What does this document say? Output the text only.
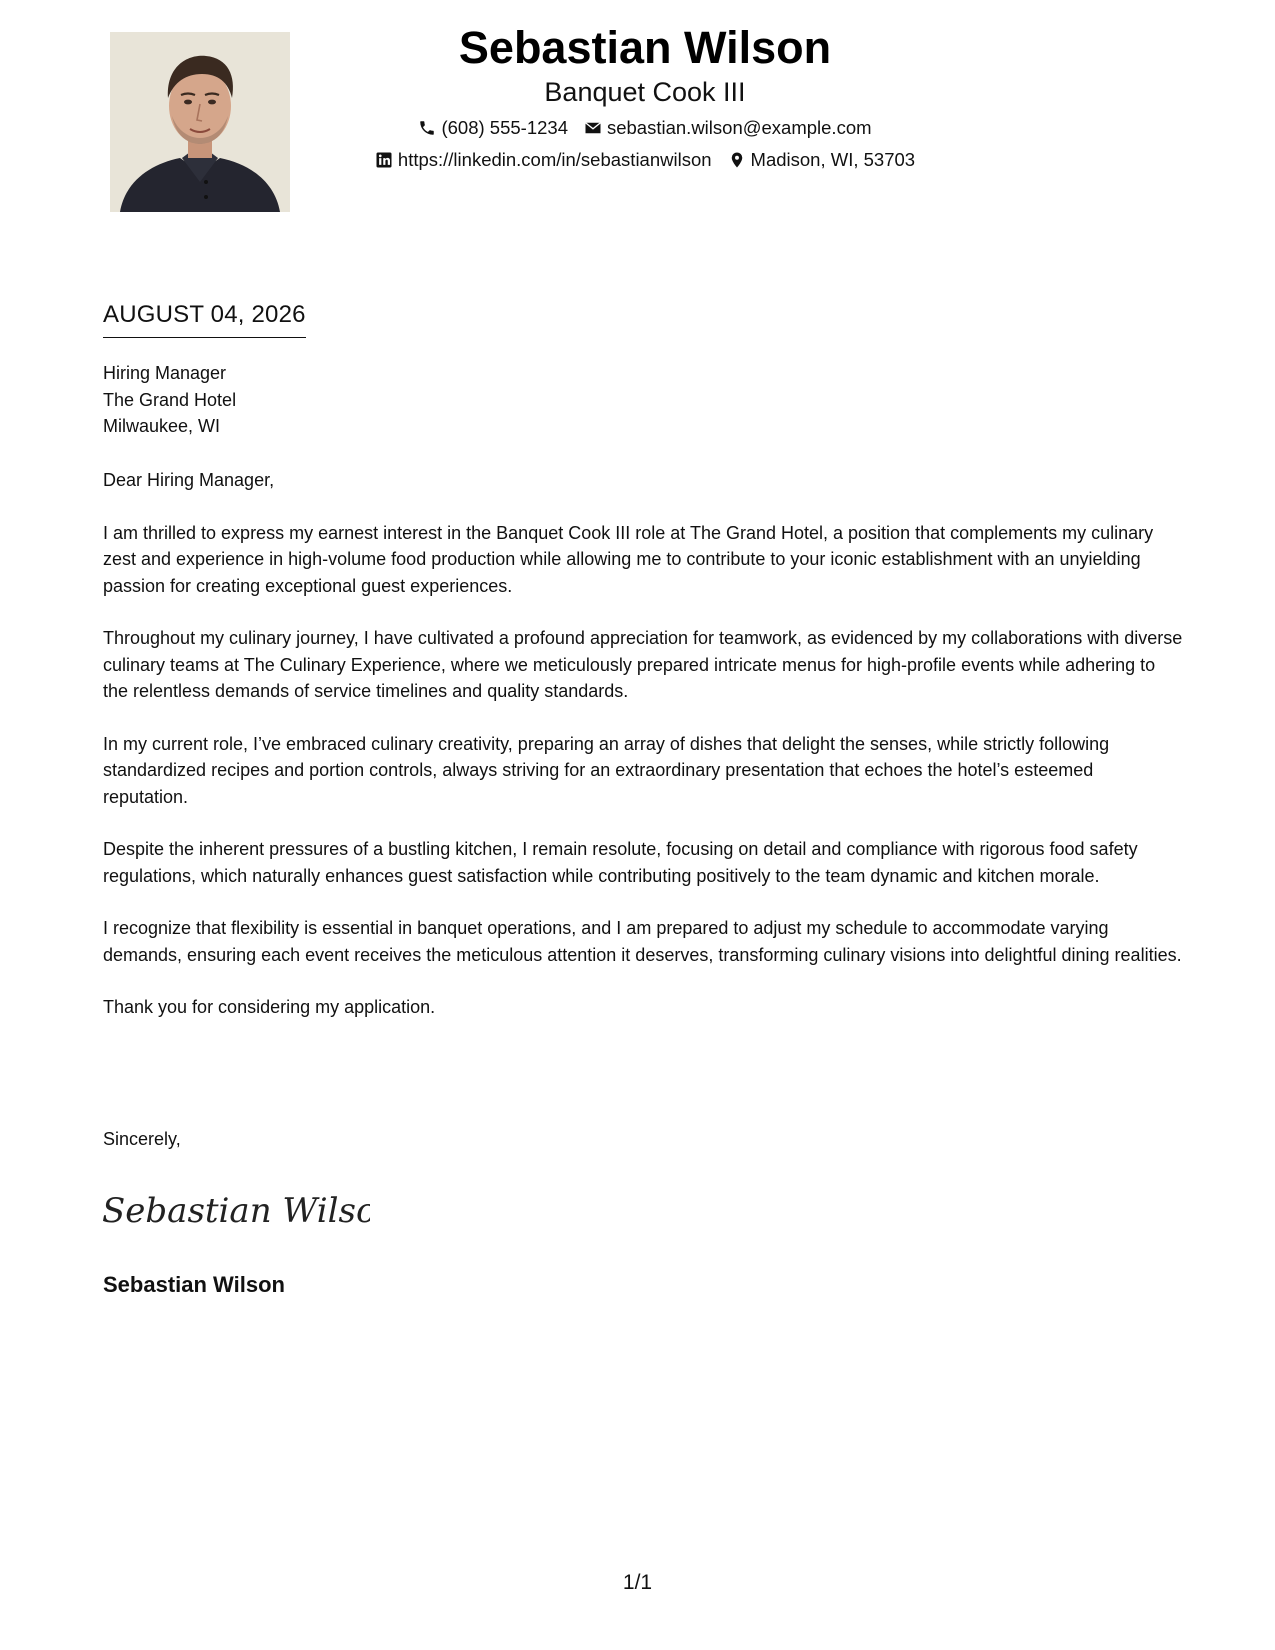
Sebastian Wilson
Banquet Cook III
(608) 555-1234 sebastian.wilson@example.com
https://linkedin.com/in/sebastianwilson Madison, WI, 53703
AUGUST 04, 2026
Hiring Manager
The Grand Hotel
Milwaukee, WI

Dear Hiring Manager,

I am thrilled to express my earnest interest in the Banquet Cook III role at The Grand Hotel, a position that complements my culinary zest and experience in high-volume food production while allowing me to contribute to your iconic establishment with an unyielding passion for creating exceptional guest experiences.

Throughout my culinary journey, I have cultivated a profound appreciation for teamwork, as evidenced by my collaborations with diverse culinary teams at The Culinary Experience, where we meticulously prepared intricate menus for high-profile events while adhering to the relentless demands of service timelines and quality standards.

In my current role, I’ve embraced culinary creativity, preparing an array of dishes that delight the senses, while strictly following standardized recipes and portion controls, always striving for an extraordinary presentation that echoes the hotel’s esteemed reputation.

Despite the inherent pressures of a bustling kitchen, I remain resolute, focusing on detail and compliance with rigorous food safety regulations, which naturally enhances guest satisfaction while contributing positively to the team dynamic and kitchen morale.

I recognize that flexibility is essential in banquet operations, and I am prepared to adjust my schedule to accommodate varying demands, ensuring each event receives the meticulous attention it deserves, transforming culinary visions into delightful dining realities.

Thank you for considering my application.

Sincerely,
Sebastian Wilson
Sebastian Wilson
1/1
